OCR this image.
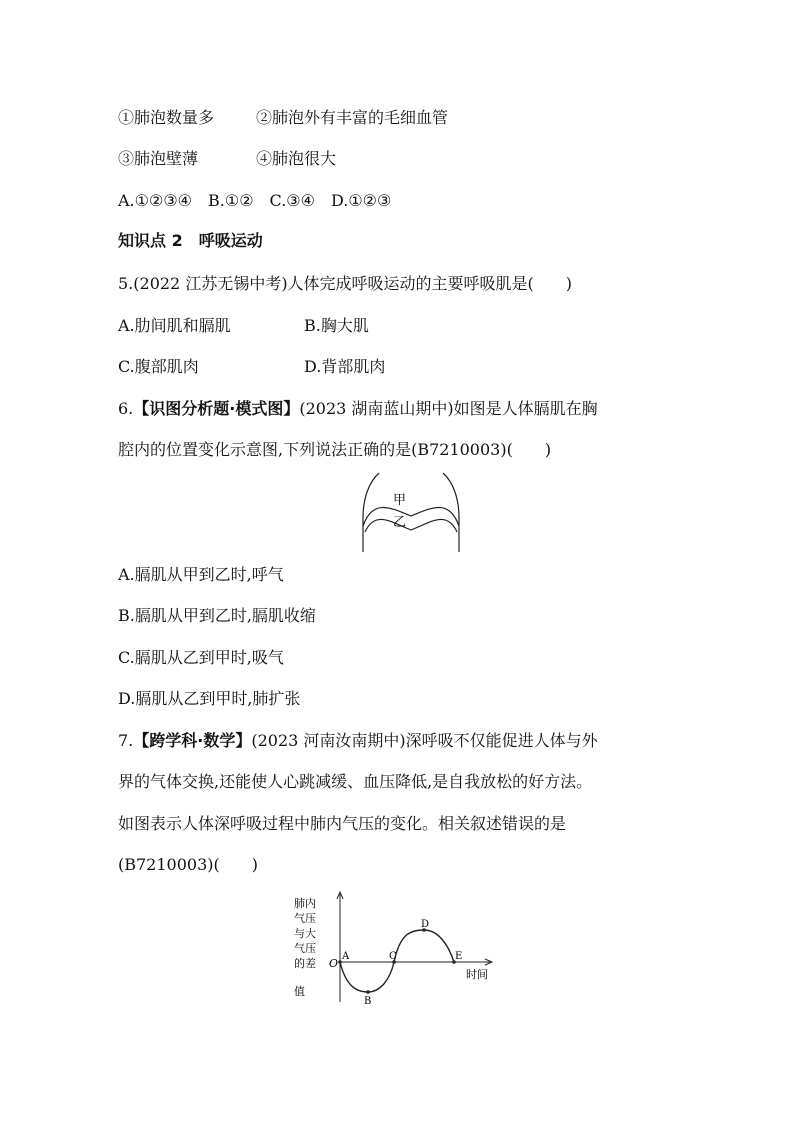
①肺泡数量多	②肺泡外有丰富的毛细血管
③肺泡壁薄	④肺泡很大
A.①②③④　B.①②　C.③④　D.①②③
知识点 2　呼吸运动
5.(2022 江苏无锡中考)人体完成呼吸运动的主要呼吸肌是(　　)
A.肋间肌和膈肌	B.胸大肌
C.腹部肌肉	D.背部肌肉
6.【识图分析题·模式图】(2023 湖南蓝山期中)如图是人体膈肌在胸
腔内的位置变化示意图,下列说法正确的是(B7210003)(　　)
甲
乙
A.膈肌从甲到乙时,呼气
B.膈肌从甲到乙时,膈肌收缩
C.膈肌从乙到甲时,吸气
D.膈肌从乙到甲时,肺扩张
7.【跨学科·数学】(2023 河南汝南期中)深呼吸不仅能促进人体与外
界的气体交换,还能使人心跳减缓、血压降低,是自我放松的好方法。
如图表示人体深呼吸过程中肺内气压的变化。相关叙述错误的是
(B7210003)(　　)
肺内
气压
与大
气压
的差
值
O
时间
A
B
C
D
E
